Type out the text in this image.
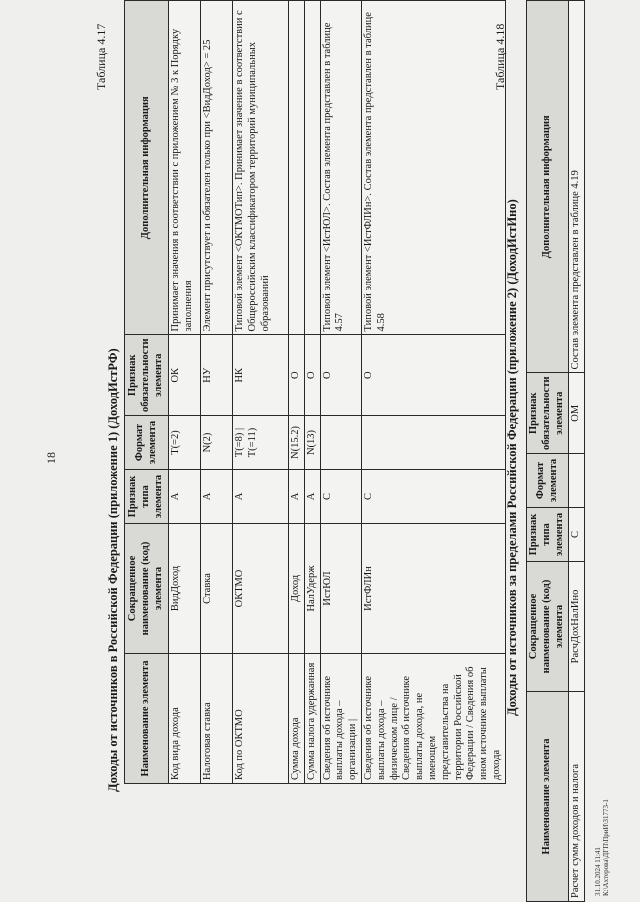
18
Таблица 4.17
Доходы от источников в Российской Федерации (приложение 1) (ДоходИстРФ) Наименование элемента	Сокращенное наименование (код) элемента	Признак типа элемента	Формат элемента	Признак обязательности элемента	Дополнительная информация
Код вида дохода	ВидДоход	А	T(=2)	ОК	Принимает значения в соответствии с приложением № 3 к Порядку заполнения
Налоговая ставка	Ставка	А	N(2)	НУ	Элемент присутствует и обязателен только при <ВидДоход> = 25
Код по ОКТМО	ОКТМО	А	T(=8) | T(=11)	НК	Типовой элемент <ОКТМОТип>. Принимает значение в соответствии с Общероссийским классификатором территорий муниципальных образований
Сумма дохода	Доход	А	N(15.2)	О	
Сумма налога удержанная	НалУдерж	А	N(13)	О	
Сведения об источнике выплаты дохода – организации |	ИстЮЛ	С		О	Типовой элемент <ИстЮЛ>. Состав элемента представлен в таблице 4.57
Сведения об источнике выплаты дохода – физическом лице / Сведения об источнике выплаты дохода, не имеющем представительства на территории Российской Федерации / Сведения об ином источнике выплаты дохода	ИстФЛИн	С		О	Типовой элемент <ИстФЛИн>. Состав элемента представлен в таблице 4.58
Таблица 4.18
Доходы от источников за пределами Российской Федерации (приложение 2) (ДоходИстИно)
Наименование элемента	Сокращенное наименование (код) элемента	Признак типа элемента	Формат элемента	Признак обязательности элемента	Дополнительная информация
Расчет сумм доходов и налога	РасчДохНалИно	С		ОМ	Состав элемента представлен в таблице 4.19
31.10.2024 11:41 К:\Ахтерова\ДГП\ПриИ\З1773-1
